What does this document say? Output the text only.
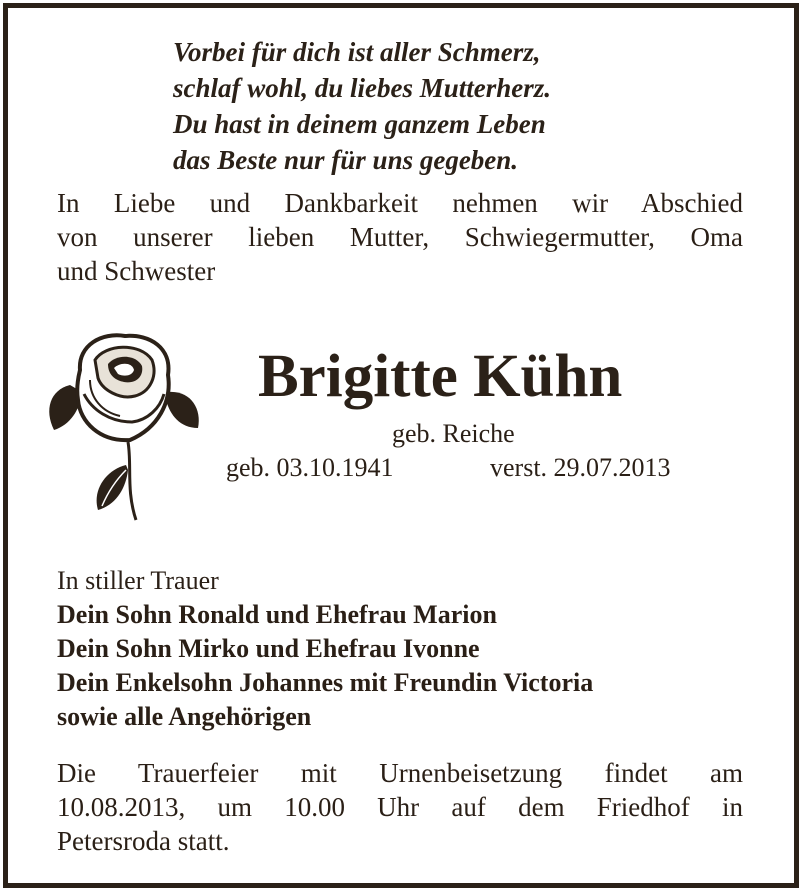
Vorbei für dich ist aller Schmerz,
schlaf wohl, du liebes Mutterherz.
Du hast in deinem ganzem Leben
das Beste nur für uns gegeben.
In Liebe und Dankbarkeit nehmen wir Abschied
von unserer lieben Mutter, Schwiegermutter, Oma
und Schwester
Brigitte Kühn
geb. Reiche
geb. 03.10.1941	verst. 29.07.2013
In stiller Trauer
Dein Sohn Ronald und Ehefrau Marion
Dein Sohn Mirko und Ehefrau Ivonne
Dein Enkelsohn Johannes mit Freundin Victoria
sowie alle Angehörigen
Die Trauerfeier mit Urnenbeisetzung findet am
10.08.2013, um 10.00 Uhr auf dem Friedhof in
Petersroda statt.
